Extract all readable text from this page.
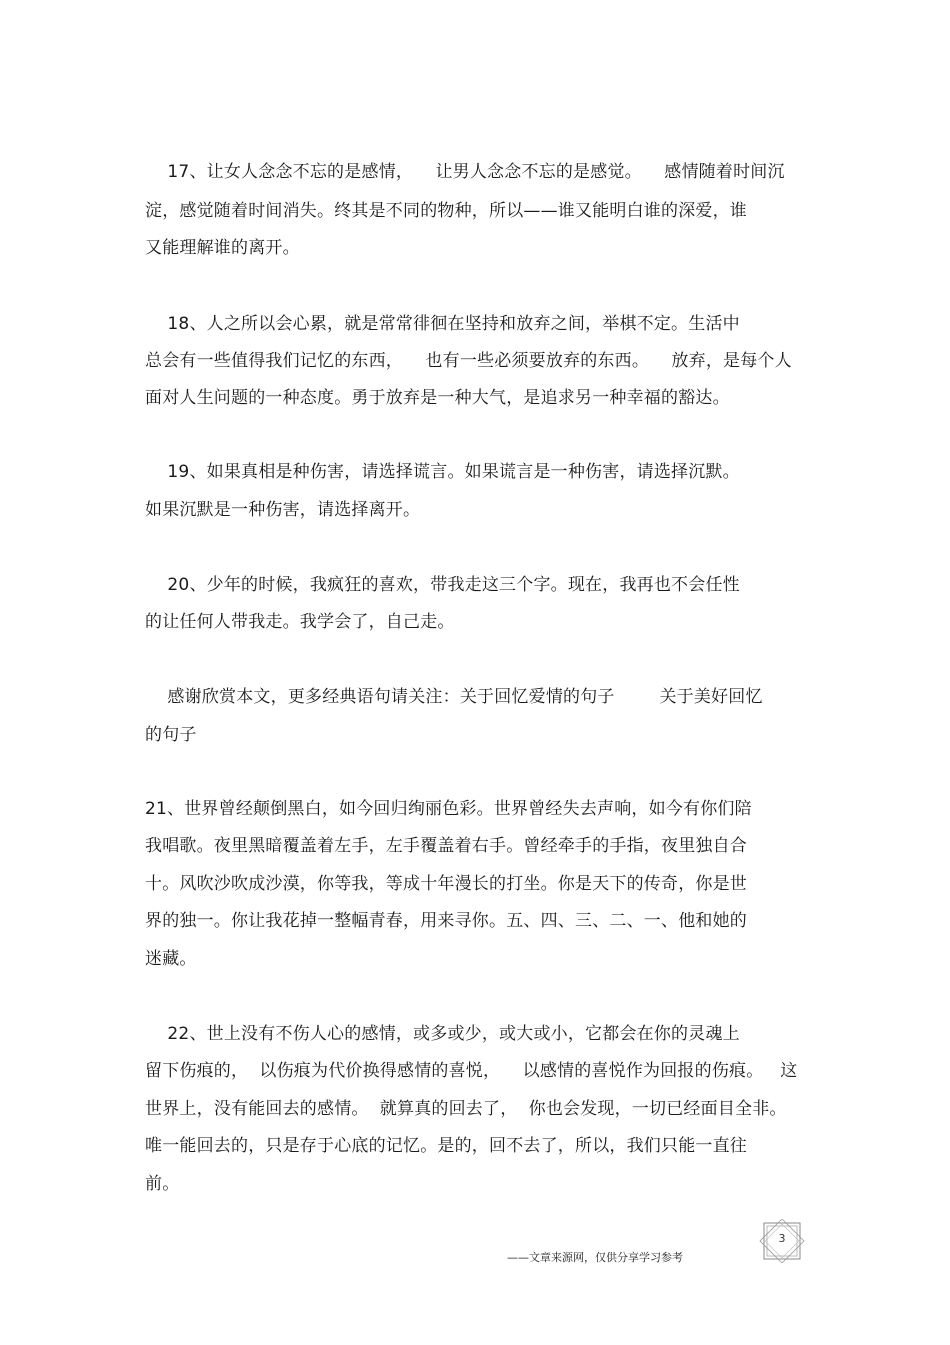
17、让女人念念不忘的是感情，    让男人念念不忘的是感觉。    感情随着时间沉
淀，感觉随着时间消失。终其是不同的物种，所以——谁又能明白谁的深爱，谁
又能理解谁的离开。
18、人之所以会心累，就是常常徘徊在坚持和放弃之间，举棋不定。生活中
总会有一些值得我们记忆的东西，    也有一些必须要放弃的东西。    放弃，是每个人
面对人生问题的一种态度。勇于放弃是一种大气，是追求另一种幸福的豁达。
19、如果真相是种伤害，请选择谎言。如果谎言是一种伤害，请选择沉默。
如果沉默是一种伤害，请选择离开。
20、少年的时候，我疯狂的喜欢，带我走这三个字。现在，我再也不会任性
的让任何人带我走。我学会了，自己走。
感谢欣赏本文，更多经典语句请关注：关于回忆爱情的句子        关于美好回忆
的句子
21、世界曾经颠倒黑白，如今回归绚丽色彩。世界曾经失去声响，如今有你们陪
我唱歌。夜里黑暗覆盖着左手，左手覆盖着右手。曾经牵手的手指，夜里独自合
十。风吹沙吹成沙漠，你等我，等成十年漫长的打坐。你是天下的传奇，你是世
界的独一。你让我花掉一整幅青春，用来寻你。五、四、三、二、一、他和她的
迷藏。
22、世上没有不伤人心的感情，或多或少，或大或小，它都会在你的灵魂上
留下伤痕的，  以伤痕为代价换得感情的喜悦，    以感情的喜悦作为回报的伤痕。   这
世界上，没有能回去的感情。  就算真的回去了，  你也会发现，一切已经面目全非。
唯一能回去的，只是存于心底的记忆。是的，回不去了，所以，我们只能一直往
前。
——文章来源网，仅供分享学习参考
3
